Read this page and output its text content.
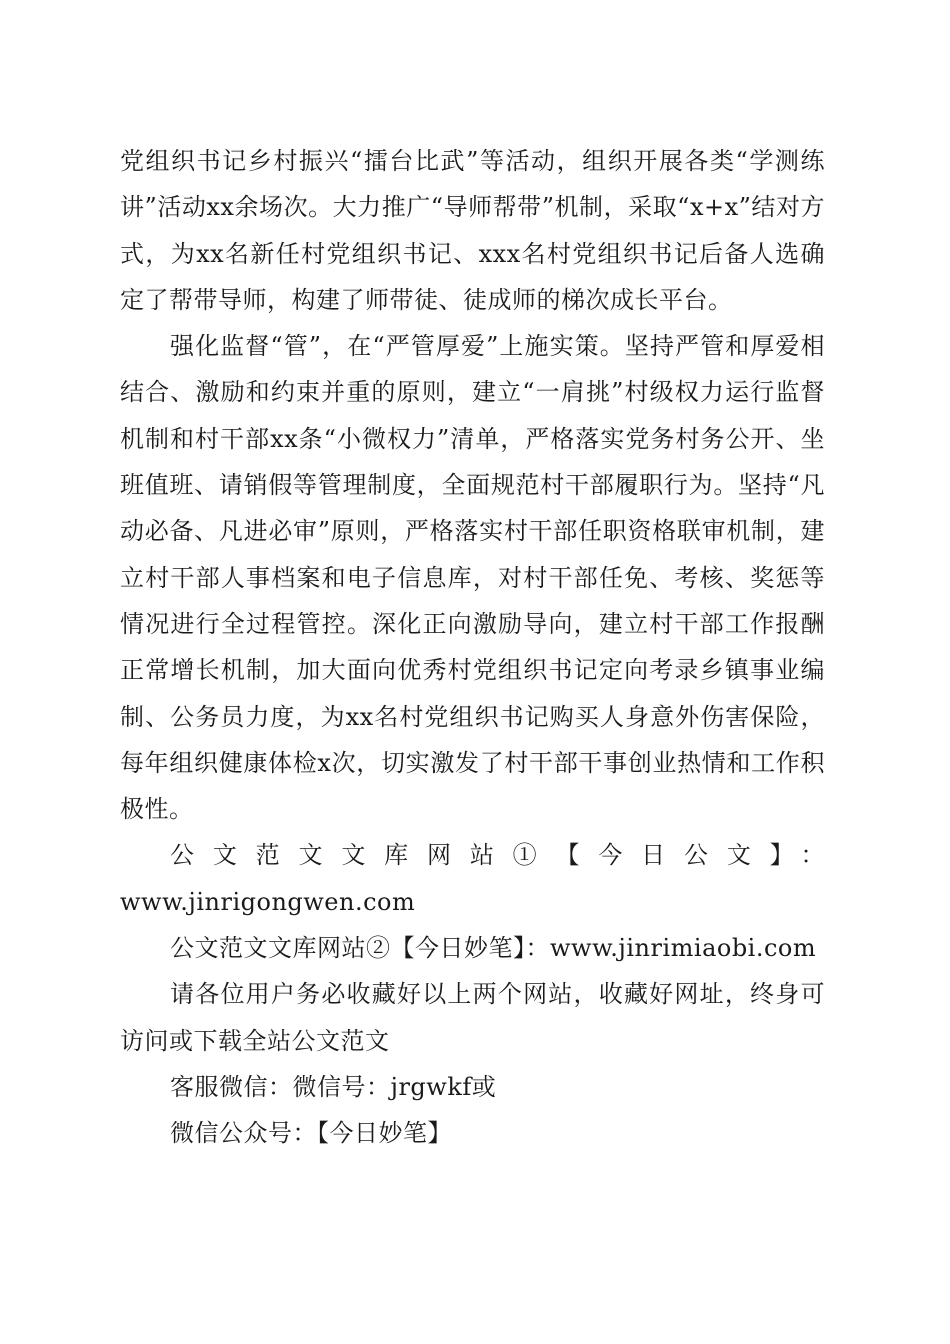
党组织书记乡村振兴“擂台比武”等活动，组织开展各类“学测练讲”活动xx余场次。大力推广“导师帮带”机制，采取“x+x”结对方式，为xx名新任村党组织书记、xxx名村党组织书记后备人选确定了帮带导师，构建了师带徒、徒成师的梯次成长平台。

强化监督“管”，在“严管厚爱”上施实策。坚持严管和厚爱相结合、激励和约束并重的原则，建立“一肩挑”村级权力运行监督机制和村干部xx条“小微权力”清单，严格落实党务村务公开、坐班值班、请销假等管理制度，全面规范村干部履职行为。坚持“凡动必备、凡进必审”原则，严格落实村干部任职资格联审机制，建立村干部人事档案和电子信息库，对村干部任免、考核、奖惩等情况进行全过程管控。深化正向激励导向，建立村干部工作报酬正常增长机制，加大面向优秀村党组织书记定向考录乡镇事业编制、公务员力度，为xx名村党组织书记购买人身意外伤害保险，每年组织健康体检x次，切实激发了村干部干事创业热情和工作积极性。

公文范文文库网站①【今日公文】：

www.jinrigongwen.com

公文范文文库网站②【今日妙笔】：www.jinrimiaobi.com

请各位用户务必收藏好以上两个网站，收藏好网址，终身可访问或下载全站公文范文

客服微信：微信号：jrgwkf或

微信公众号：【今日妙笔】
